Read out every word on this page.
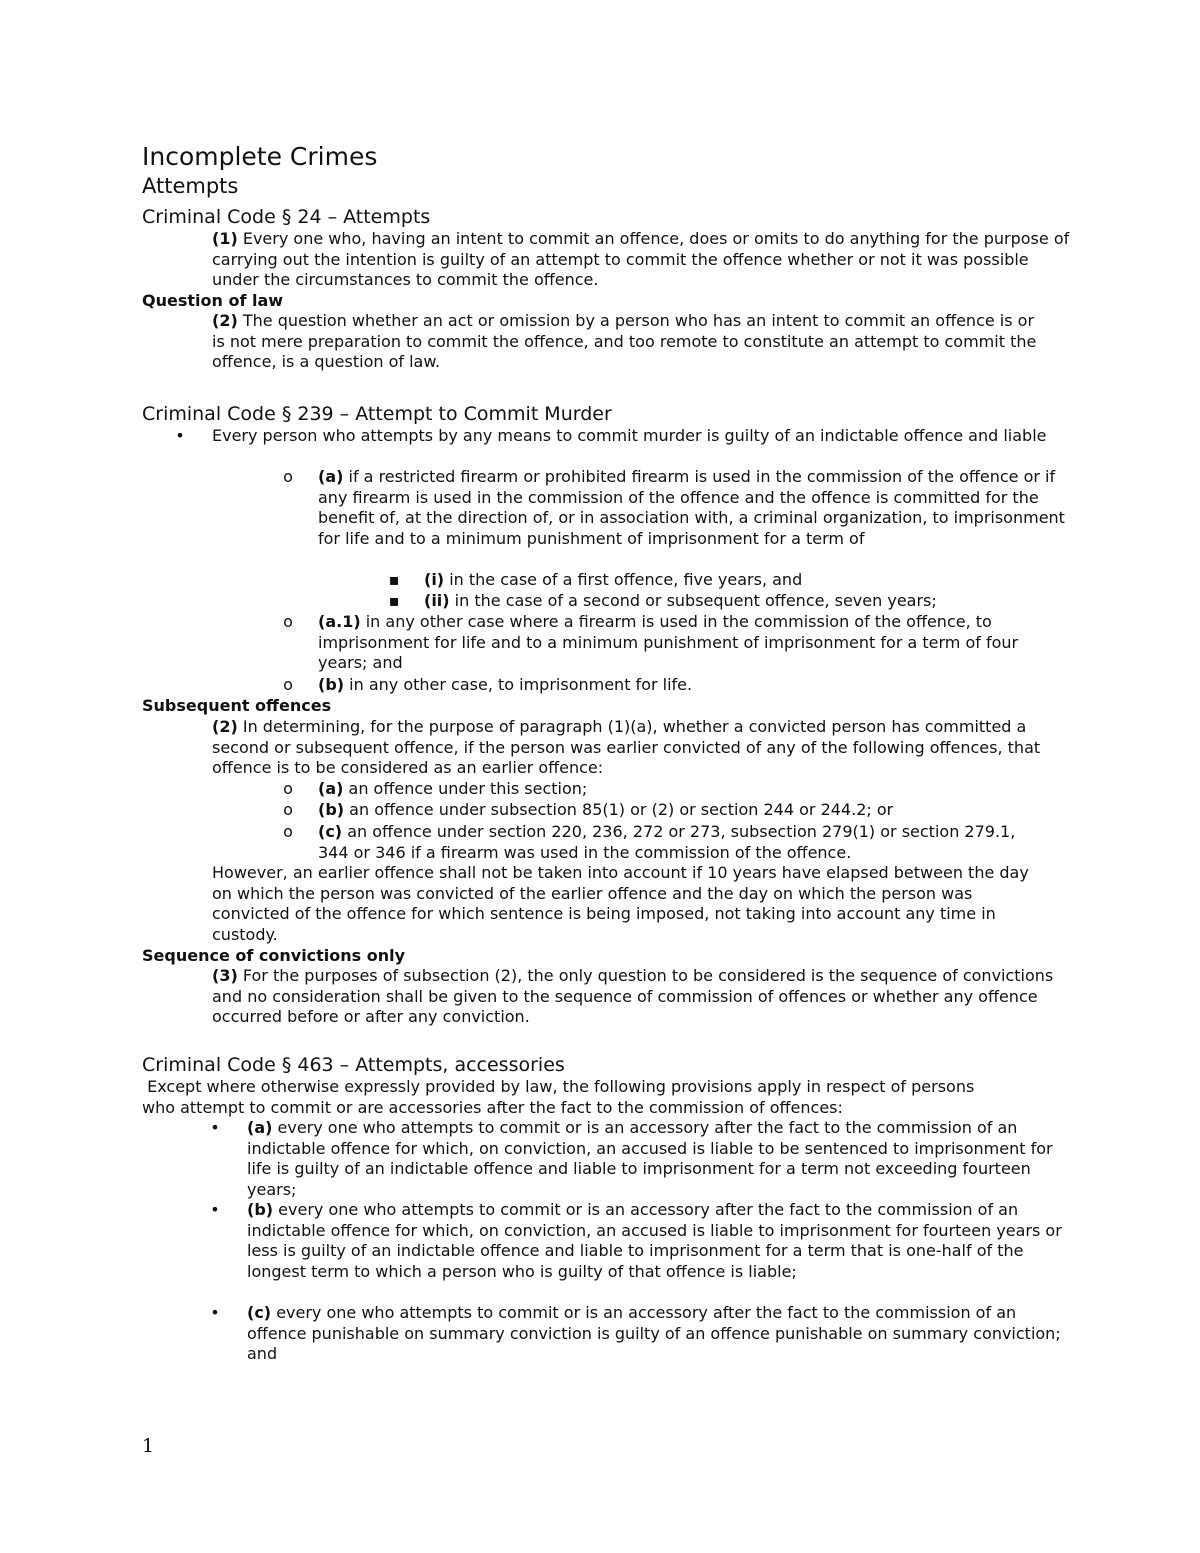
Incomplete Crimes
Attempts
Criminal Code § 24 – Attempts

(1) Every one who, having an intent to commit an offence, does or omits to do anything for the purpose of carrying out the intention is guilty of an attempt to commit the offence whether or not it was possible under the circumstances to commit the offence.

Question of law

(2) The question whether an act or omission by a person who has an intent to commit an offence is or is not mere preparation to commit the offence, and too remote to constitute an attempt to commit the offence, is a question of law.

Criminal Code § 239 – Attempt to Commit Murder
•	Every person who attempts by any means to commit murder is guilty of an indictable offence and liable
o	(a) if a restricted firearm or prohibited firearm is used in the commission of the offence or if any firearm is used in the commission of the offence and the offence is committed for the benefit of, at the direction of, or in association with, a criminal organization, to imprisonment for life and to a minimum punishment of imprisonment for a term of
▪ (i) in the case of a first offence, five years, and
▪ (ii) in the case of a second or subsequent offence, seven years;
o	(a.1) in any other case where a firearm is used in the commission of the offence, to imprisonment for life and to a minimum punishment of imprisonment for a term of four years; and
o	(b) in any other case, to imprisonment for life.
Subsequent offences

(2) In determining, for the purpose of paragraph (1)(a), whether a convicted person has committed a second or subsequent offence, if the person was earlier convicted of any of the following offences, that offence is to be considered as an earlier offence:

o	(a) an offence under this section;
o	(b) an offence under subsection 85(1) or (2) or section 244 or 244.2; or
o	(c) an offence under section 220, 236, 272 or 273, subsection 279(1) or section 279.1, 344 or 346 if a firearm was used in the commission of the offence.

However, an earlier offence shall not be taken into account if 10 years have elapsed between the day on which the person was convicted of the earlier offence and the day on which the person was convicted of the offence for which sentence is being imposed, not taking into account any time in custody.

Sequence of convictions only

(3) For the purposes of subsection (2), the only question to be considered is the sequence of convictions and no consideration shall be given to the sequence of commission of offences or whether any offence occurred before or after any conviction.

Criminal Code § 463 – Attempts, accessories

Except where otherwise expressly provided by law, the following provisions apply in respect of persons who attempt to commit or are accessories after the fact to the commission of offences:

•	(a) every one who attempts to commit or is an accessory after the fact to the commission of an indictable offence for which, on conviction, an accused is liable to be sentenced to imprisonment for life is guilty of an indictable offence and liable to imprisonment for a term not exceeding fourteen years;
•	(b) every one who attempts to commit or is an accessory after the fact to the commission of an indictable offence for which, on conviction, an accused is liable to imprisonment for fourteen years or less is guilty of an indictable offence and liable to imprisonment for a term that is one-half of the longest term to which a person who is guilty of that offence is liable;
•	(c) every one who attempts to commit or is an accessory after the fact to the commission of an offence punishable on summary conviction is guilty of an offence punishable on summary conviction; and
1
